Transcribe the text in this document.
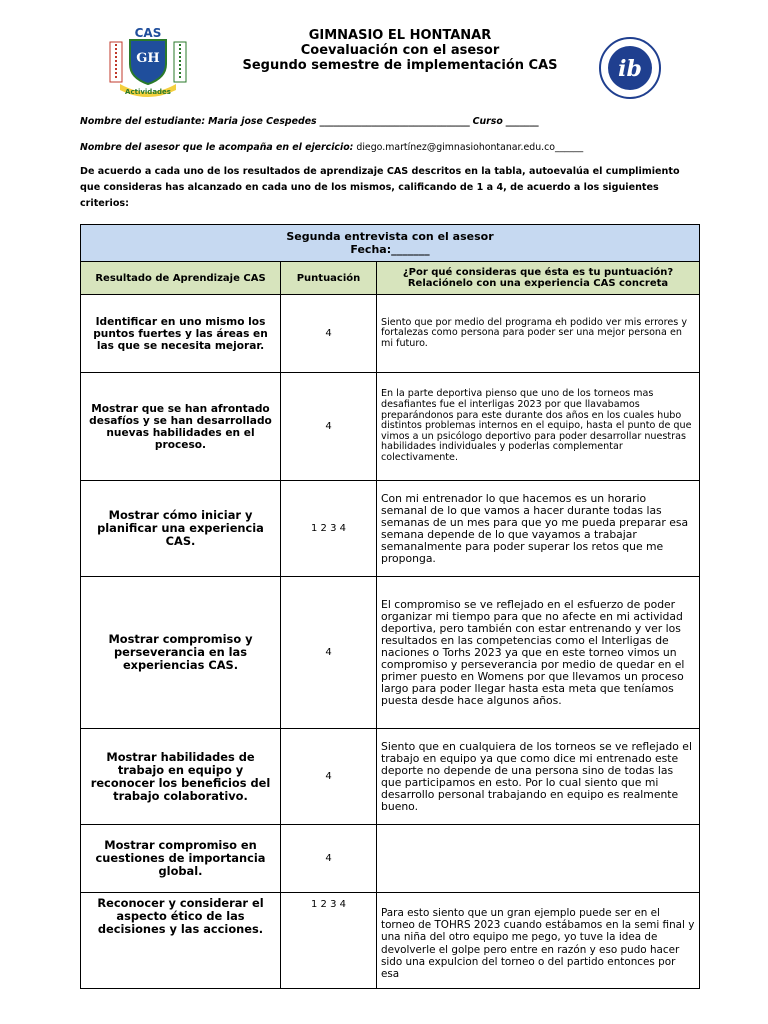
CAS
GH
Actividades
GIMNASIO EL HONTANAR
Coevaluación con el asesor
Segundo semestre de implementación CAS	ib
Nombre del estudiante: Maria jose Cespedes ________________________________ Curso _______
Nombre del asesor que le acompaña en el ejercicio: diego.martínez@gimnasiohontanar.edu.co______
De acuerdo a cada uno de los resultados de aprendizaje CAS descritos en la tabla, autoevalúa el cumplimiento que consideras has alcanzado en cada uno de los mismos, calificando de 1 a 4, de acuerdo a los siguientes criterios:
Segunda entrevista con el asesor
Fecha:_______		

Resultado de Aprendizaje CAS	Puntuación	¿Por qué consideras que ésta es tu puntuación? Relaciónelo con una experiencia CAS concreta
Identificar en uno mismo los puntos fuertes y las áreas en las que se necesita mejorar.	4	Siento que por medio del programa eh podido ver mis errores y fortalezas como persona para poder ser una mejor persona en mi futuro.
Mostrar que se han afrontado desafíos y se han desarrollado nuevas habilidades en el proceso.	4	En la parte deportiva pienso que uno de los torneos mas desafiantes fue el interligas 2023 por que llavabamos preparándonos para este durante dos años en los cuales hubo distintos problemas internos en el equipo, hasta el punto de que vimos a un psicólogo deportivo para poder desarrollar nuestras habilidades individuales y poderlas complementar colectivamente.
Mostrar cómo iniciar y planificar una experiencia CAS.	1 2 3 4	Con mi entrenador lo que hacemos es un horario semanal de lo que vamos a hacer durante todas las semanas de un mes para que yo me pueda preparar esa semana depende de lo que vayamos a trabajar semanalmente para poder superar los retos que me proponga.
Mostrar compromiso y perseverancia en las experiencias CAS.	4	El compromiso se ve reflejado en el esfuerzo de poder organizar mi tiempo para que no afecte en mi actividad deportiva, pero también con estar entrenando y ver los resultados en las competencias como el Interligas de naciones o Torhs 2023 ya que en este torneo vimos un compromiso y perseverancia por medio de quedar en el primer puesto en Womens por que llevamos un proceso largo para poder llegar hasta esta meta que teníamos puesta desde hace algunos años.
Mostrar habilidades de trabajo en equipo y reconocer los beneficios del trabajo colaborativo.	4	Siento que en cualquiera de los torneos se ve reflejado el trabajo en equipo ya que como dice mi entrenado este deporte no depende de una persona sino de todas las que participamos en esto. Por lo cual siento que mi desarrollo personal trabajando en equipo es realmente bueno.
Mostrar compromiso en cuestiones de importancia global.	4	
Reconocer y considerar el aspecto ético de las decisiones y las acciones.	1 2 3 4	Para esto siento que un gran ejemplo puede ser en el torneo de TOHRS 2023 cuando estábamos en la semi final y una niña del otro equipo me pego, yo tuve la idea de devolverle el golpe pero entre en razón y eso pudo hacer sido una expulcion del torneo o del partido entonces por esa
